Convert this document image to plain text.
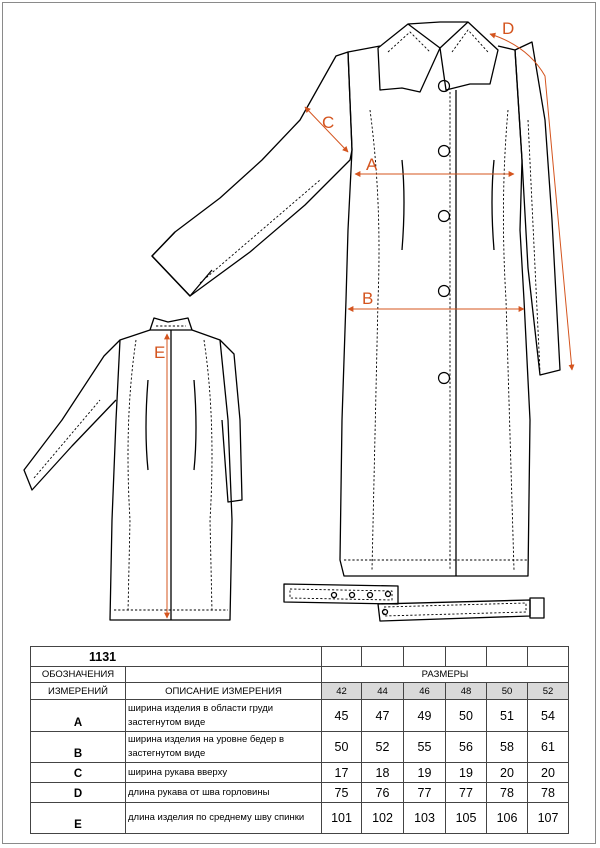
A
B
C
D
E
1131							
ОБОЗНАЧЕНИЯ		РАЗМЕРЫ					
ИЗМЕРЕНИЙ	ОПИСАНИЕ ИЗМЕРЕНИЯ	42	44	46	48	50	52
A	ширина изделия в области груди застегнутом виде	45	47	49	50	51	54
B	ширина изделия на уровне бедер в застегнутом виде	50	52	55	56	58	61
C	ширина рукава вверху	17	18	19	19	20	20
D	длина рукава от шва горловины	75	76	77	77	78	78
E	длина изделия по среднему шву спинки	101	102	103	105	106	107
